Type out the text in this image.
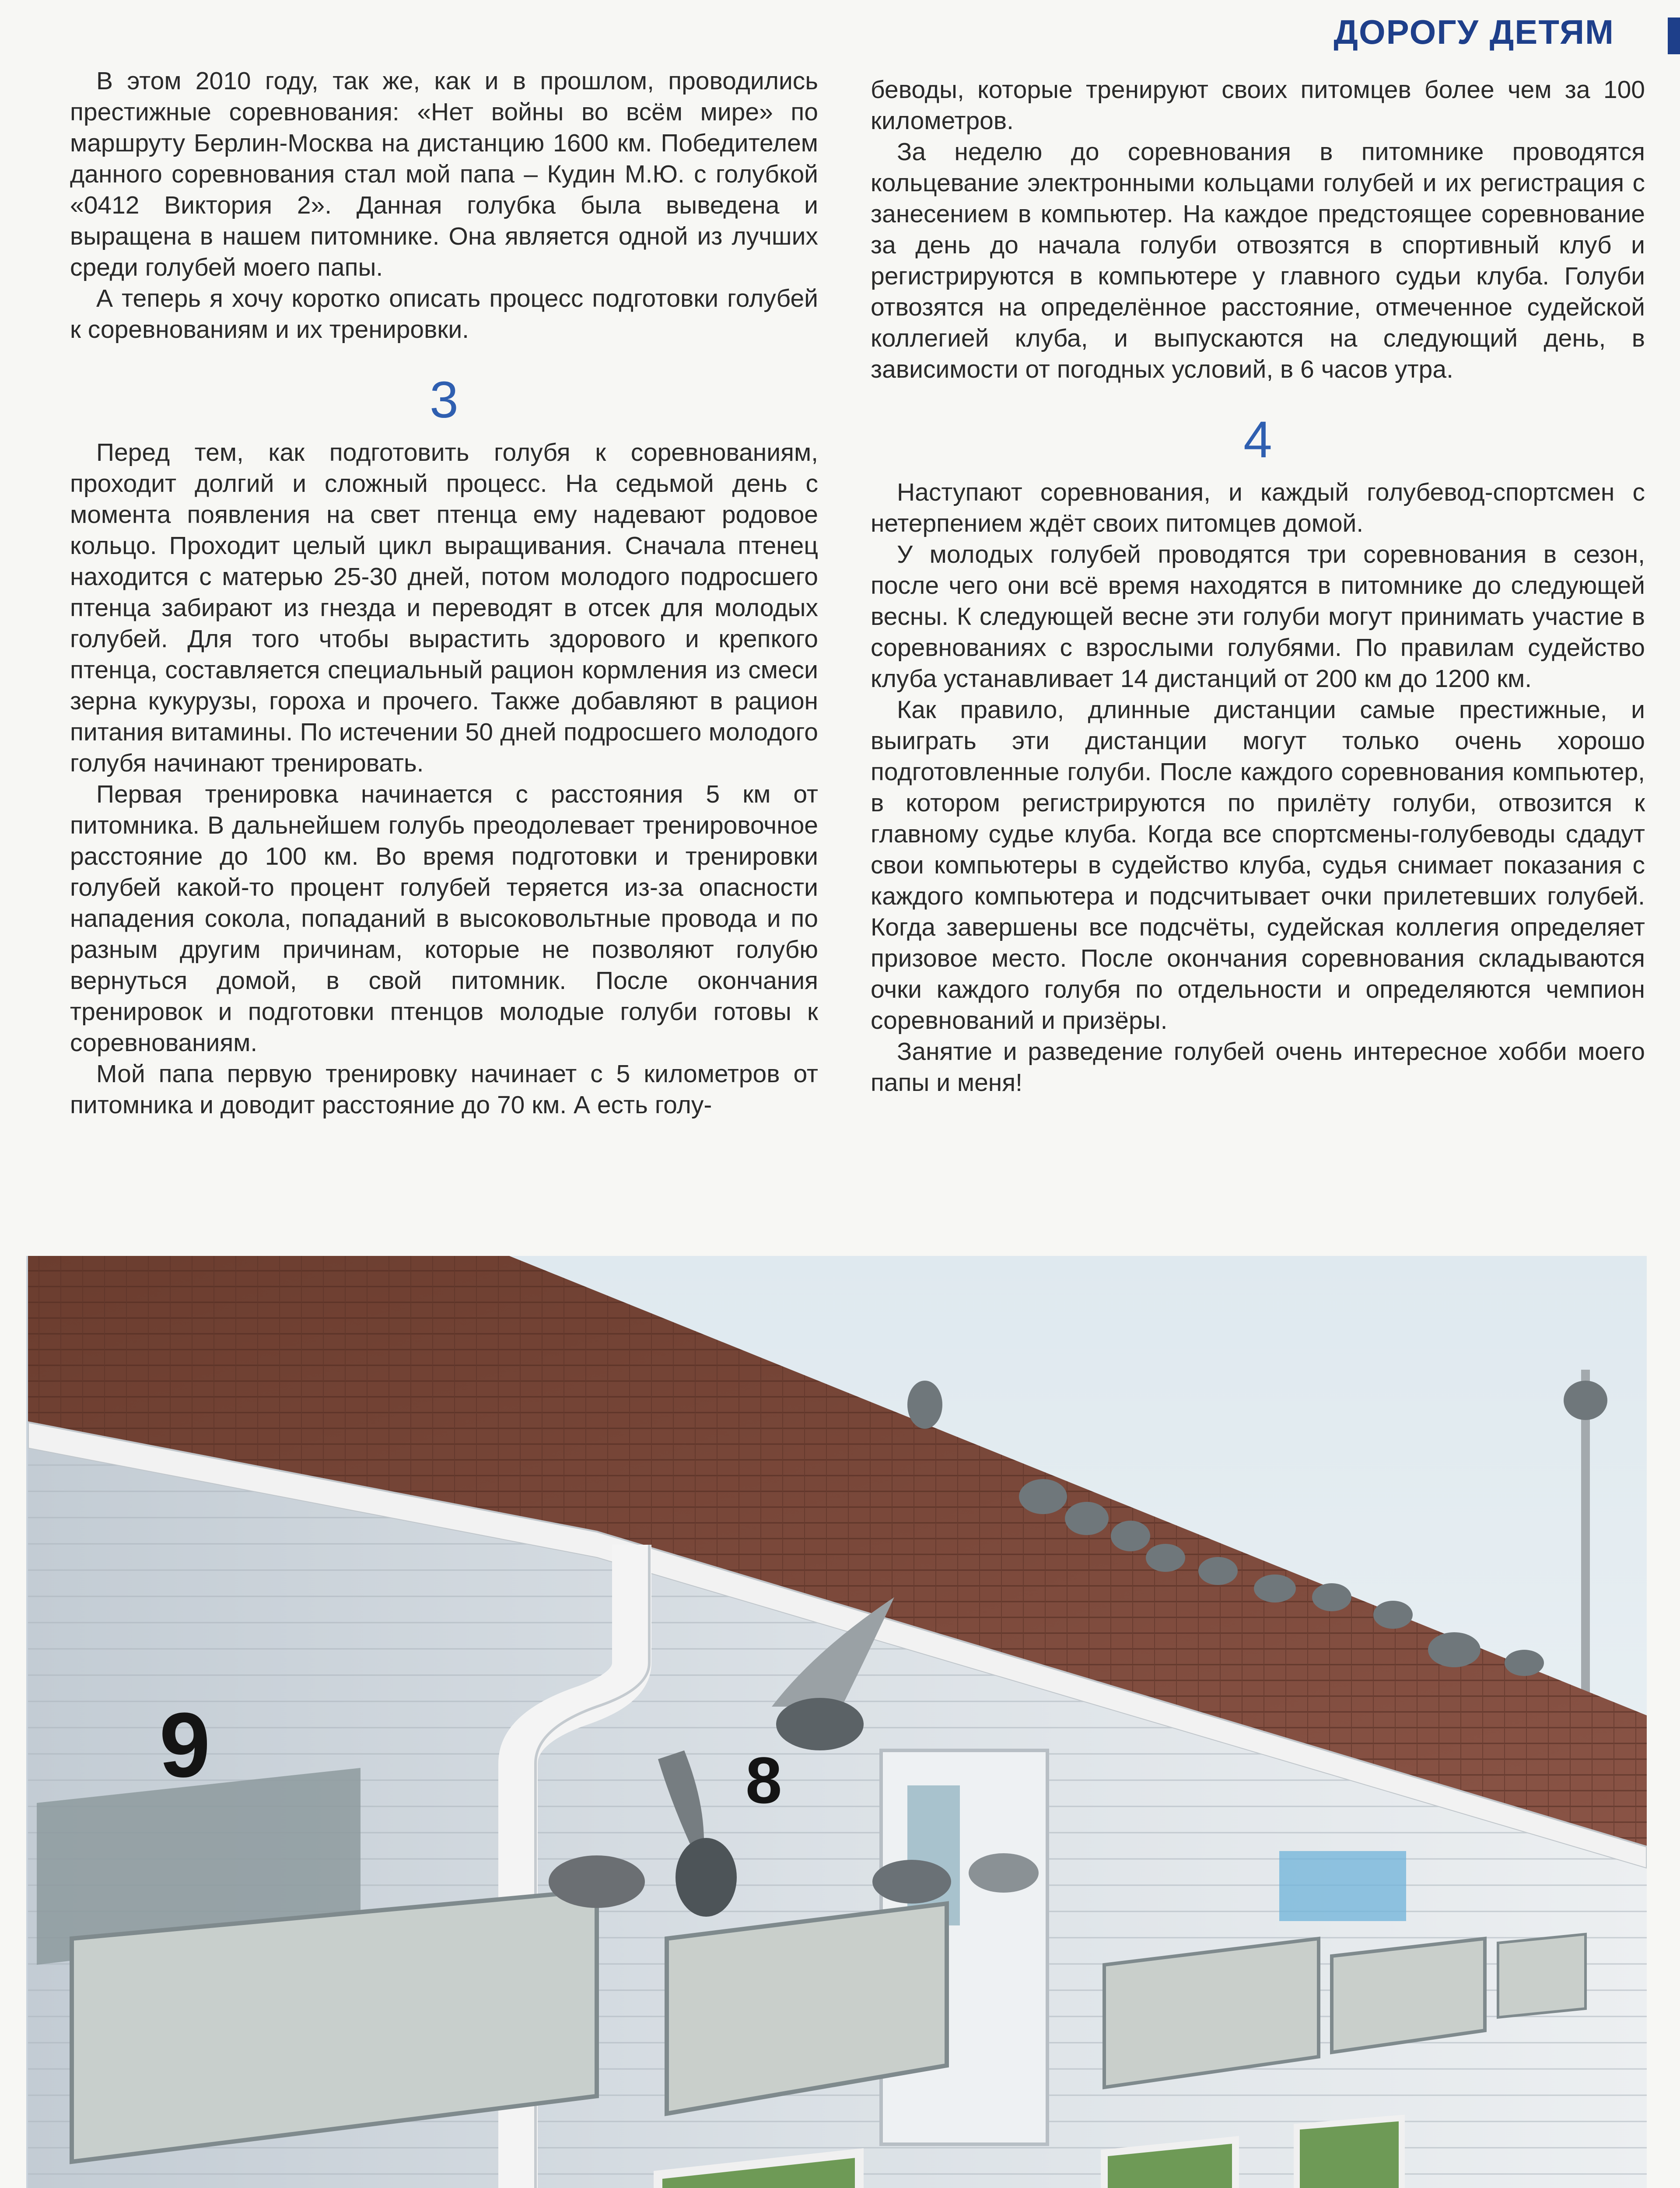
ДОРОГУ ДЕТЯМ

В этом 2010 году, так же, как и в прошлом, проводились престижные соревнования: «Нет войны во всём мире» по маршруту Берлин-Москва на дистанцию 1600 км. Победителем данного соревнования стал мой папа – Кудин М.Ю. с голубкой «0412 Виктория 2». Данная голубка была выведена и выращена в нашем питомнике. Она является одной из лучших среди голубей моего папы.

А теперь я хочу коротко описать процесс подготовки голубей к соревнованиям и их тренировки.

3

Перед тем, как подготовить голубя к соревнованиям, проходит долгий и сложный процесс. На седьмой день с момента появления на свет птенца ему надевают родовое кольцо. Проходит целый цикл выращивания. Сначала птенец находится с матерью 25-30 дней, потом молодого подросшего птенца забирают из гнезда и переводят в отсек для молодых голубей. Для того чтобы вырастить здорового и крепкого птенца, составляется специальный рацион кормления из смеси зерна кукурузы, гороха и прочего. Также добавляют в рацион питания витамины. По истечении 50 дней подросшего молодого голубя начинают тренировать.

Первая тренировка начинается с расстояния 5 км от питомника. В дальнейшем голубь преодолевает тренировочное расстояние до 100 км. Во время подготовки и тренировки голубей какой-то процент голубей теряется из-за опасности нападения сокола, попаданий в высоковольтные провода и по разным другим причинам, которые не позволяют голубю вернуться домой, в свой питомник. После окончания тренировок и подготовки птенцов молодые голуби готовы к соревнованиям.

Мой папа первую тренировку начинает с 5 километров от питомника и доводит расстояние до 70 км. А есть голу-

беводы, которые тренируют своих питомцев более чем за 100 километров.

За неделю до соревнования в питомнике проводятся кольцевание электронными кольцами голубей и их регистрация с занесением в компьютер. На каждое предстоящее соревнование за день до начала голуби отвозятся в спортивный клуб и регистрируются в компьютере у главного судьи клуба. Голуби отвозятся на определённое расстояние, отмеченное судейской коллегией клуба, и выпускаются на следующий день, в зависимости от погодных условий, в 6 часов утра.

4

Наступают соревнования, и каждый голубевод-спортсмен с нетерпением ждёт своих питомцев домой.

У молодых голубей проводятся три соревнования в сезон, после чего они всё время находятся в питомнике до следующей весны. К следующей весне эти голуби могут принимать участие в соревнованиях с взрослыми голубями. По правилам судейство клуба устанавливает 14 дистанций от 200 км до 1200 км.

Как правило, длинные дистанции самые престижные, и выиграть эти дистанции могут только очень хорошо подготовленные голуби. После каждого соревнования компьютер, в котором регистрируются по прилёту голуби, отвозится к главному судье клуба. Когда все спортсмены-голубеводы сдадут свои компьютеры в судейство клуба, судья снимает показания с каждого компьютера и подсчитывает очки прилетевших голубей. Когда завершены все подсчёты, судейская коллегия определяет призовое место. После окончания соревнования складываются очки каждого голубя по отдельности и определяются чемпион соревнований и призёры.

Занятие и разведение голубей очень интересное хобби моего папы и меня!

9	8
